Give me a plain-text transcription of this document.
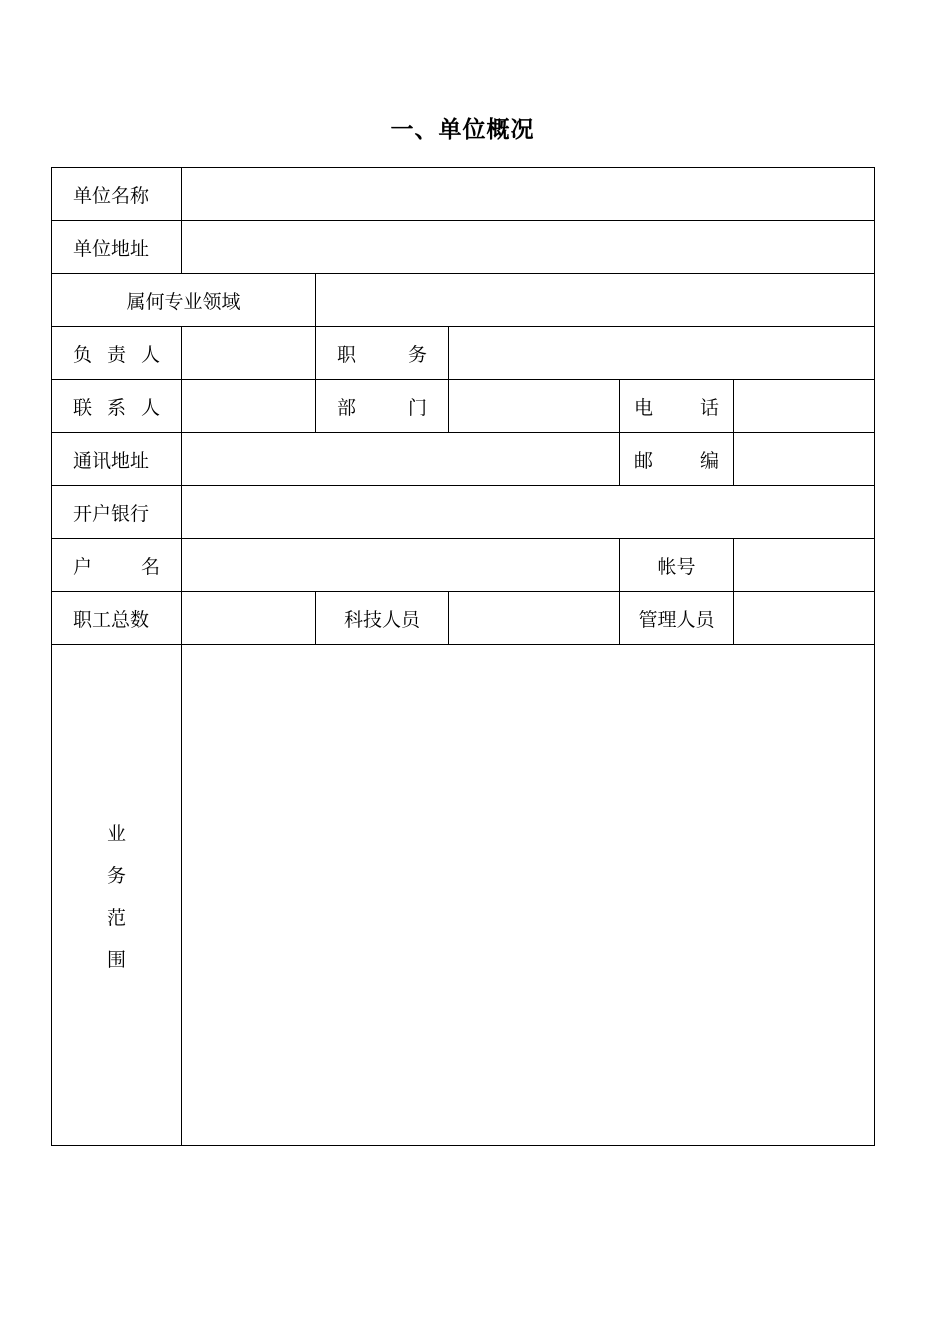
一、单位概况
单位名称					
单位地址					
属何专业领域					

负 责 人		职 务			

联 系 人		部 门		电 话	

通讯地址				邮 编	

开户银行					

户 名				帐号	
职工总数		科技人员		管理人员	

业
务
范
围					
